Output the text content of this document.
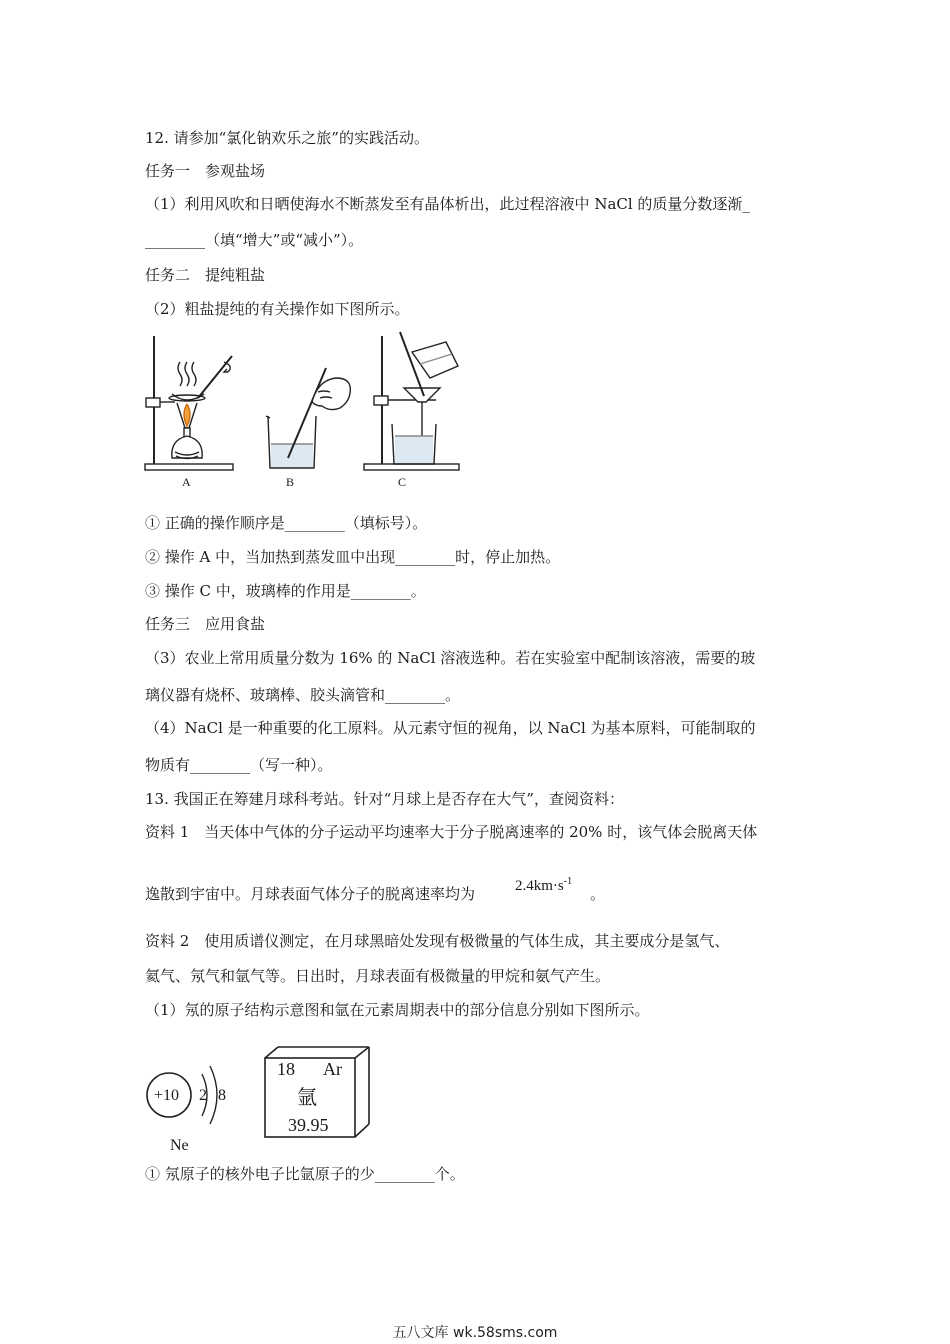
12. 请参加“氯化钠欢乐之旅”的实践活动。
任务一　参观盐场
（1）利用风吹和日晒使海水不断蒸发至有晶体析出，此过程溶液中 NaCl 的质量分数逐渐_
________（填“增大”或“减小”）。
任务二　提纯粗盐
（2）粗盐提纯的有关操作如下图所示。
A	B	C
① 正确的操作顺序是________（填标号）。
② 操作 A 中，当加热到蒸发皿中出现________时，停止加热。
③ 操作 C 中，玻璃棒的作用是________。
任务三　应用食盐
（3）农业上常用质量分数为 16% 的 NaCl 溶液选种。若在实验室中配制该溶液，需要的玻
璃仪器有烧杯、玻璃棒、胶头滴管和________。
（4）NaCl 是一种重要的化工原料。从元素守恒的视角，以 NaCl 为基本原料，可能制取的
物质有________（写一种）。
13. 我国正在筹建月球科考站。针对“月球上是否存在大气”，查阅资料：
资料 1　当天体中气体的分子运动平均速率大于分子脱离速率的 20% 时，该气体会脱离天体
逸散到宇宙中。月球表面气体分子的脱离速率均为	$2.4km\cdot s^{-1}$
。
资料 2　使用质谱仪测定，在月球黑暗处发现有极微量的气体生成，其主要成分是氢气、
氦气、氖气和氩气等。日出时，月球表面有极微量的甲烷和氨气产生。
（1）氖的原子结构示意图和氩在元素周期表中的部分信息分别如下图所示。
+10 2 8
Ne
18 Ar
氩
39.95
① 氖原子的核外电子比氩原子的少________个。
五八文库 wk.58sms.com
